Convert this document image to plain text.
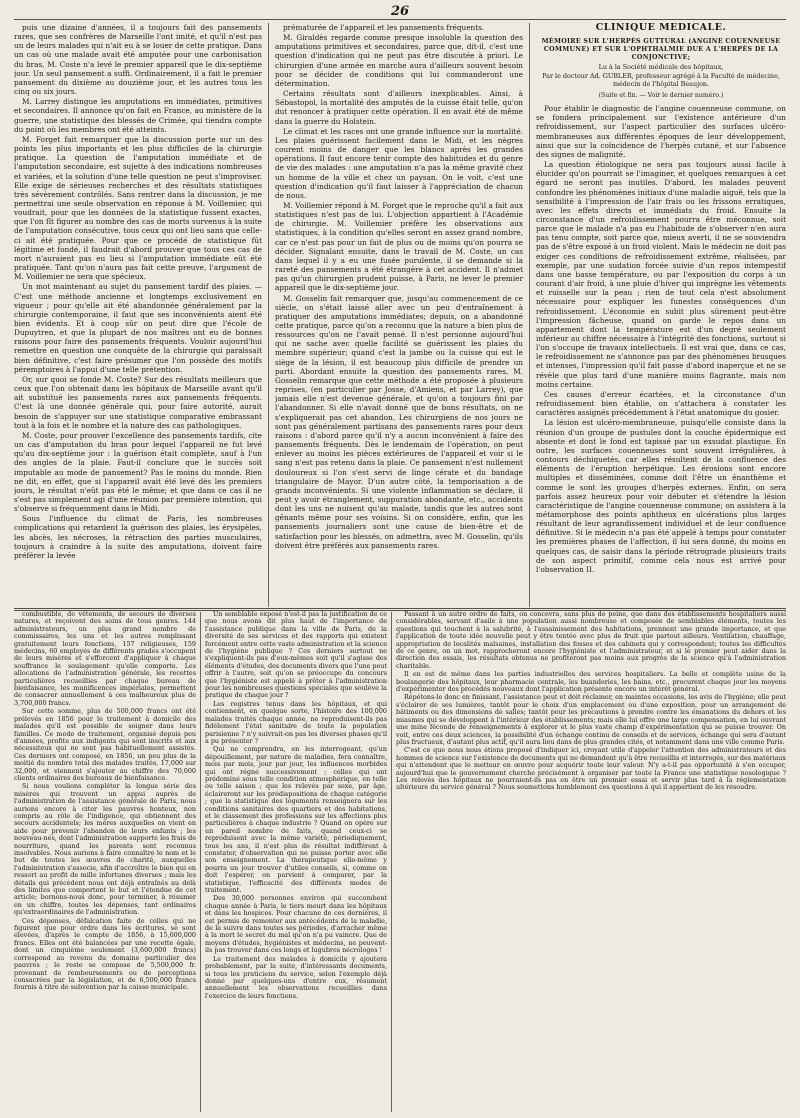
26

puis une dizaine d'années, il a toujours fait des pansements rares, que ses confrères de Marseille l'ont imité, et qu'il n'est pas un de leurs malades qui n'ait eu à se louer de cette pratique. Dans un cas où une malade avait été amputée pour une carbonisation du bras, M. Coste n'a levé le premier appareil que le dix-septième jour. Un seul pansement a suffi. Ordinairement, il a fait le premier pansement du dixième au douzième jour, et les autres tous les cinq ou six jours.

M. Larrey distingue les amputations en immédiates, primitives et secondaires. Il annonce qu'on fait en France, au ministère de la guerre, une statistique des blessés de Crimée, qui tiendra compte du point où les membres ont été atteints.

M. Forget fait remarquer que la discussion porte sur un des points les plus importants et les plus difficiles de la chirurgie pratique. La question de l'amputation immédiate et de l'amputation secondaire, est sujette à des indications nombreuses et variées, et la solution d'une telle question ne peut s'improviser. Elle exige de sérieuses recherches et des résultats statistiques très sévèrement contrôlés. Sans rentrer dans la discussion, je me permettrai une seule observation en réponse à M. Voillemier, qui voudrait, pour que les données de la statistique fussent exactes, que l'on fît figurer au nombre des cas de morts survenus à la suite de l'amputation consécutive, tous ceux qui ont lieu sans que celle-ci ait été pratiquée. Pour que ce procédé de statistique fût légitime et fondé, il faudrait d'abord prouver que tous ces cas de mort n'auraient pas eu lieu si l'amputation immédiate eût été pratiquée. Tant qu'on n'aura pas fait cette preuve, l'argument de M. Voillemier ne sera que spécieux.

Un mot maintenant au sujet du pansement tardif des plaies. — C'est une méthode ancienne et longtemps exclusivement en vigueur ; pour qu'elle ait été abandonnée généralement par la chirurgie contemporaine, il faut que ses inconvénients aient été bien évidents. Et à coup sûr on peut dire que l'école de Dupuytren, et que la plupart de nos maîtres ont eu de bonnes raisons pour faire des pansements fréquents. Vouloir aujourd'hui remettre en question une conquête de la chirurgie qui paraissait bien définitive, c'est faire présumer que l'on possède des motifs péremptoires à l'appui d'une telle prétention.

Or, sur quoi se fonde M. Coste? Sur des résultats meilleurs que ceux que l'on obtenait dans les hôpitaux de Marseille avant qu'il ait substitué les pansements rares aux pansements fréquents. C'est là une donnée générale qui, pour faire autorité, aurait besoin de s'appuyer sur une statistique comparative embrassant tout à la fois et le nombre et la nature des cas pathologiques.

M. Coste, pour prouver l'excellence des pansements tardifs, cite un cas d'amputation du bras pour lequel l'appareil ne fut levé qu'au dix-septième jour : la guérison était complète, sauf à l'un des angles de la plaie. Faut-il conclure que le succès soit imputable au mode de pansement? Pas le moins du monde. Rien ne dit, en effet, que si l'appareil avait été levé dès les premiers jours, le résultat n'eût pas été le même; et que dans ce cas il ne s'est pas simplement agi d'une réunion par première intention, qui s'observe si fréquemment dans le Midi.

Sous l'influence du climat de Paris, les nombreuses complications qui retardent la guérison des plaies, les érysipèles, les abcès, les nécroses, la rétraction des parties musculaires, toujours à craindre à la suite des amputations, doivent faire préférer la levée

prématurée de l'appareil et les pansements fréquents.

M. Giraldès regarde comme presque insoluble la question des amputations primitives et secondaires, parce que, dit-il, c'est une question d'indication qui ne peut pas être discutée à priori. Le chirurgien d'une armée en marche aura d'ailleurs souvent besoin pour se décider de conditions qui lui commanderont une détermination.

Certains résultats sont d'ailleurs inexplicables. Ainsi, à Sébastopol, la mortalité des amputés de la cuisse était telle, qu'on dut renoncer à pratiquer cette opération. Il en avait été de même dans la guerre du Holstein.

Le climat et les races ont une grande influence sur la mortalité. Les plaies guérissent facilement dans le Midi, et les nègres courent moins de danger que les blancs après les grandes opérations. Il faut encore tenir compte des habitudes et du genre de vie des malades : une amputation n'a pas la même gravité chez un homme de la ville et chez un paysan. On le voit, c'est une question d'indication qu'il faut laisser à l'appréciation de chacun de nous.

M. Voillemier répond à M. Forget que le reproche qu'il a fait aux statistiques n'est pas de lui. L'objection appartient à l'Académie de chirurgie. M. Voillemier préfère les observations aux statistiques, à la condition qu'elles seront en assez grand nombre, car ce n'est pas pour un fait de plus ou de moins qu'on pourra se décider. Signalant ensuite, dans le travail de M. Coste, un cas dans lequel il y a eu une fusée purulente, il se demande si la rareté des pansements a été étrangère à cet accident. Il n'admet pas qu'un chirurgien prudent puisse, à Paris, ne lever le premier appareil que le dix-septième jour.

M. Gosselin fait remarquer que, jusqu'au commencement de ce siècle, on s'était laissé aller avec un peu d'entraînement à pratiquer des amputations immédiates; depuis, on a abandonné cette pratique, parce qu'on a reconnu que la nature a bien plus de ressources qu'on ne l'avait pensé. Il n'est personne aujourd'hui qui ne sache avec quelle facilité se guérissent les plaies du membre supérieur; quand c'est la jambe ou la cuisse qui est le siège de la lésion, il est beaucoup plus difficile de prendre un parti. Abordant ensuite la question des pansements rares, M. Gosselin remarque que cette méthode a été proposée à plusieurs reprises, (en particulier par Josse, d'Amiens, et par Larrey), que jamais elle n'est devenue générale, et qu'on a toujours fini par l'abandonner. Si elle n'avait donné que de bons résultats, on ne s'expliquerait pas cet abandon. Les chirurgiens de nos jours ne sont pas généralement partisans des pansements rares pour deux raisons : d'abord parce qu'il n'y a aucun inconvénient à faire des pansements fréquents. Dès le lendemain de l'opération, on peut enlever au moins les pièces extérieures de l'appareil et voir si le sang n'est pas retenu dans la plaie. Ce pansement n'est nullement douloureux si l'on s'est servi de linge cérate et du bandage triangulaire de Mayor. D'un autre côté, la temporisation a de grands inconvénients. Si une violente inflammation se déclare, il peut y avoir étranglement, suppuration abondante, etc., accidents dont les uns ne nuisent qu'au malade, tandis que les autres sont gênants même pour ses voisins. Si on considère, enfin, que les pansements journaliers sont une cause de bien-être et de satisfaction pour les blessés, on admettra, avec M. Gosselin, qu'ils doivent être préférés aux pansements rares.

CLINIQUE MÉDICALE.

MÉMOIRE SUR L'HERPÈS GUTTURAL (ANGINE COUENNEUSE COMMUNE) ET SUR L'OPHTHALMIE DUE A L'HERPÈS DE LA CONJONCTIVE;

Lu à la Société médicale des hôpitaux,

Par le docteur Ad. GUBLER, professeur agrégé à la Faculté de médecine, médecin de l'hôpital Beaujon.

(Suite et fin. — Voir le dernier numéro.)

Pour établir le diagnostic de l'angine couenneuse commune, on se fondera principalement sur l'existence antérieure d'un refroidissement, sur l'aspect particulier des surfaces ulcéro-membraneuses aux différentes époques de leur développement, ainsi que sur la coïncidence de l'herpès cutané, et sur l'absence des signes de malignité.

La question étiologique ne sera pas toujours aussi facile à élucider qu'on pourrait se l'imaginer, et quelques remarques à cet égard ne seront pas inutiles. D'abord, les malades peuvent confondre les phénomènes initiaux d'une maladie aiguë, tels que la sensibilité à l'impression de l'air frais ou les frissons erratiques, avec les effets directs et immédiats du froid. Ensuite la circonstance d'un refroidissement pourra être méconnue, soit parce que le malade n'a pas eu l'habitude de s'observer n'en aura pas tenu compte, soit parce que, mieux averti, il ne se souviendra pas de s'être exposé à un froid violent. Mais le médecin ne doit pas exiger ces conditions de refroidissement extrême, réalisées, par exemple, par une sudation forcée suivie d'un repos intempestif dans une basse température, ou par l'exposition du corps à un courant d'air froid, à une pluie d'hiver qui imprègne les vêtements et ruisselle sur la peau ; rien de tout cela n'est absolument nécessaire pour expliquer les funestes conséquences d'un refroidissement. L'économie en subit plus sûrement peut-être l'impression fâcheuse, quand on garde le repos dans un appartement dont la température est d'un degré seulement inférieur au chiffre nécessaire à l'intégrité des fonctions, surtout si l'on s'occupe de travaux intellectuels. Il est vrai que, dans ce cas, le refroidissement ne s'annonce pas par des phénomènes brusques et intenses, l'impression qu'il fait passe d'abord inaperçue et ne se révèle que plus tard d'une manière moins flagrante, mais non moins certaine.

Ces causes d'erreur écartées, et la circonstance d'un refroidissement bien établie, on s'attachera à constater les caractères assignés précédemment à l'état anatomique du gosier.

La lésion est ulcéro-membraneuse, puisqu'elle consiste dans la réunion d'un groupe de pustules dont la couche épidermique est absente et dont le fond est tapissé par un exsudat plastique. En outre, les surfaces couenneuses sont souvent irrégulières, à contours déchiquetés, car elles résultent de la confluence des éléments de l'éruption herpétique. Les érosions sont encore multiples et disséminées, comme doit l'être un énanthème et comme le sont les groupes d'herpès externes. Enfin, on sera parfois assez heureux pour voir débuter et s'étendre la lésion caractéristique de l'angine couenneuse commune; on assistera à la métamorphose des points aphtheux en ulcérations plus larges résultant de leur agrandissement individuel et de leur confluence définitive. Si le médecin n'a pas été appelé à temps pour constater les premières phases de l'affection, il lui sera donné, du moins en quelques cas, de saisir dans la période rétrograde plusieurs traits de son aspect primitif, comme cela nous est arrivé pour l'observation II.

combustible, de vêtements, de secours de diverses natures, et reçoivent des soins de tous genres. 144 administrateurs, un plus grand nombre de commissaires, les uns et les autres remplissant gratuitement leurs fonctions, 157 religieuses, 159 médecins, 60 employés de différents grades s'occupent de leurs misères et s'efforcent d'appliquer à chaque souffrance le soulagement qu'elle comporte. Les allocations de l'administration générale, les recettes particulières recueillies par chaque bureau de bienfaisance, les munificences impériales, permettent de consacrer annuellement à ces malheureux plus de 3,700,000 francs.

Sur cette somme, plus de 500,000 francs ont été prélevés en 1856 pour le traitement à domicile des malades qu'il est possible de soigner dans leurs familles. Ce mode de traitement, organisé depuis peu d'années, profite aux indigents qui sont inscrits et aux nécessiteux qui ne sont pas habituellement assistés. Ces derniers ont composé, en 1856, un peu plus de la moitié du nombre total des malades traités, 17,000 sur 32,000, et viennent s'ajouter au chiffre des 70,000 clients ordinaires des bureaux de bienfaisance.

Si nous voulions compléter la longue série des misères qui trouvent un appui auprès de l'administration de l'assistance générale de Paris, nous aurions encore à citer les pauvres honteux, non compris au rôle de l'indigence, qui obtiennent des secours accidentels; les mères auxquelles on vient en aide pour prévenir l'abandon de leurs enfants ; les nouveau-nés, dont l'administration supporte les frais de nourriture, quand les parents sont reconnus insolvables. Nous aurions à faire connaître le nom et le but de toutes les œuvres de charité, auxquelles l'administration s'associe, afin d'accroître le bien qui en ressort au profit de mille infortunes diverses ; mais les détails qui précèdent nous ont déjà entraînés au delà des limites que comportent le but et l'étendue de cet article; bornons-nous donc, pour terminer, à résumer en un chiffre, toutes les dépenses, tant ordinaires qu'extraordinaires de l'administration.

Ces dépenses, défalcation faite de celles qui ne figurent que pour ordre dans les écritures, se sont élevées, d'après le compte de 1856, à 15,600,000 francs. Elles ont été balancées par une recette égale, dont un cinquième seulement (3,600,000 francs) correspond au revenu du domaine particulier des pauvres ; le reste se compose de 5,500,000 fr. provenant de remboursements ou de perceptions consacrées par la législation, et de 6,500,000 francs fournis à titre de subvention par la caisse municipale.

Un semblable exposé n'est-il pas la justification de ce que nous avons dit plus haut de l'importance de l'assistance publique dans la ville de Paris, de la diversité de ses services et des rapports qui existent forcément entre cette vaste administration et la science de l'hygiène publique ? Ces derniers surtout ne s'expliquent-ils pas d'eux-mêmes soit qu'il s'agisse des éléments d'études, des documents divers que l'une peut offrir à l'autre, soit qu'on se préoccupe du concours que l'hygiéniste est appelé à prêter à l'administration pour les nombreuses questions spéciales que soulève la pratique de chaque jour ?

Les registres tenus dans les hôpitaux, et qui contiennent, en quelque sorte, l'histoire des 100,000 malades traités chaque année, ne reproduisent-ils pas fidèlement l'état sanitaire de toute la population parisienne ? n'y suivrait-on pas les diverses phases qu'il a pu présenter ?

Qui ne comprendra, en les interrogeant, qu'un dépouillement, par nature de maladies, fera connaître, mois par mois, jour par jour, les influences morbides qui ont régné successivement ; celles qui ont prédominé sous telle condition atmosphérique, en telle ou telle saison ; que les relevés par sexe, par âge, éclaireront sur les prédispositions de chaque catégorie ; que la statistique des logements renseignera sur les conditions sanitaires des quartiers et des habitations, et le classement des professions sur les affections plus particulières à chaque industrie ? Quand on opère sur un pareil nombre de faits, quand ceux-ci se reproduisent avec la même variété, périodiquement, tous les ans, il n'est plus de résultat indifférent à constater, d'observation qui ne puisse porter avec elle son enseignement. La thérapeutique elle-même y pourra un jour trouver d'utiles conseils, si, comme on doit l'espérer, on parvient à comparer, par la statistique, l'efficacité des différents modes de traitement.

Des 30,000 personnes environ qui succombent chaque année à Paris, le tiers meurt dans les hôpitaux et dans les hospices. Pour chacune de ces dernières, il est permis de remonter aux antécédents de la maladie, de la suivre dans toutes ses périodes, d'arracher même à la mort le secret du mal qu'on n'a pu vaincre. Que de moyens d'études, hygiénistes et médecins, ne peuvent-ils pas trouver dans ces longs et lugubres nécrologes !

Le traitement des malades à domicile y ajoutera probablement, par la suite, d'intéressants documents, si tous les praticiens du service, selon l'exemple déjà donné par quelques-uns d'entre eux, résument annuellement les observations recueillies dans l'exercice de leurs fonctions.

Passant à un autre ordre de faits, on concevra, sans plus de peine, que dans des établissements hospitaliers aussi considérables, servant d'asile à une population aussi nombreuse et composée de semblables éléments, toutes les questions qui touchent à la salubrité, à l'assainissement des habitations, prennent une grande importance, et que l'application de toute idée nouvelle peut y être tentée avec plus de fruit que partout ailleurs. Ventilation, chauffage, appropriation de localités malsaines, installation des fosses et des cabinets qui y correspondent; toutes les difficultés de ce genre, on un mot, rapprocheront encore l'hygiéniste et l'administrateur, et si le premier peut aider dans la direction des essais, les résultats obtenus ne profiteront pas moins aux progrès de la science qu'à l'administration charitable.

Il en est de même dans les parties industrielles des services hospitaliers. La belle et complète usine de la boulangerie des hôpitaux, leur pharmacie centrale, les buanderies, les bains, etc., procurent chaque jour les moyens d'expérimenter des procédés nouveaux dont l'application présente encore un intérêt général.

Répétons-le donc en finissant, l'assistance peut et doit réclamer, en maintes occasions, les avis de l'hygiène; elle peut s'éclairer de ses lumières, tantôt pour le choix d'un emplacement ou d'une exposition, pour un arrangement de bâtiments ou des dimensions de salles; tantôt pour les précautions à prendre contre les émanations du dehors et les miasmes qui se développent à l'intérieur des établissements; mais elle lui offre une large compensation, en lui ouvrant une mine féconde de renseignements à explorer et le plus vaste champ d'expérimentation qui se puisse trouver. On voit, entre ces deux sciences, la possibilité d'un échange continu de conseils et de services, échange qui sera d'autant plus fructueux, d'autant plus actif, qu'il aura lieu dans de plus grandes cités, et notamment dans une ville comme Paris.

C'est ce que nous nous étions proposé d'indiquer ici, croyant utile d'appeler l'attention des administrateurs et des hommes de science sur l'existence de documents qui ne demandent qu'à être recueillis et interrogés, sur des matériaux qui n'attendent que le metteur en œuvre pour acquérir toute leur valeur. N'y a-t-il pas opportunité à s'en occuper, aujourd'hui que le gouvernement cherche précisément à organiser par toute la France une statistique nosologique ? Les relevés des hôpitaux ne pourraient-ils pas en être un premier essai et servir plus tard à la réglementation ultérieure du service général ? Nous soumettons humblement ces questions à qui il appartient de les résoudre.
